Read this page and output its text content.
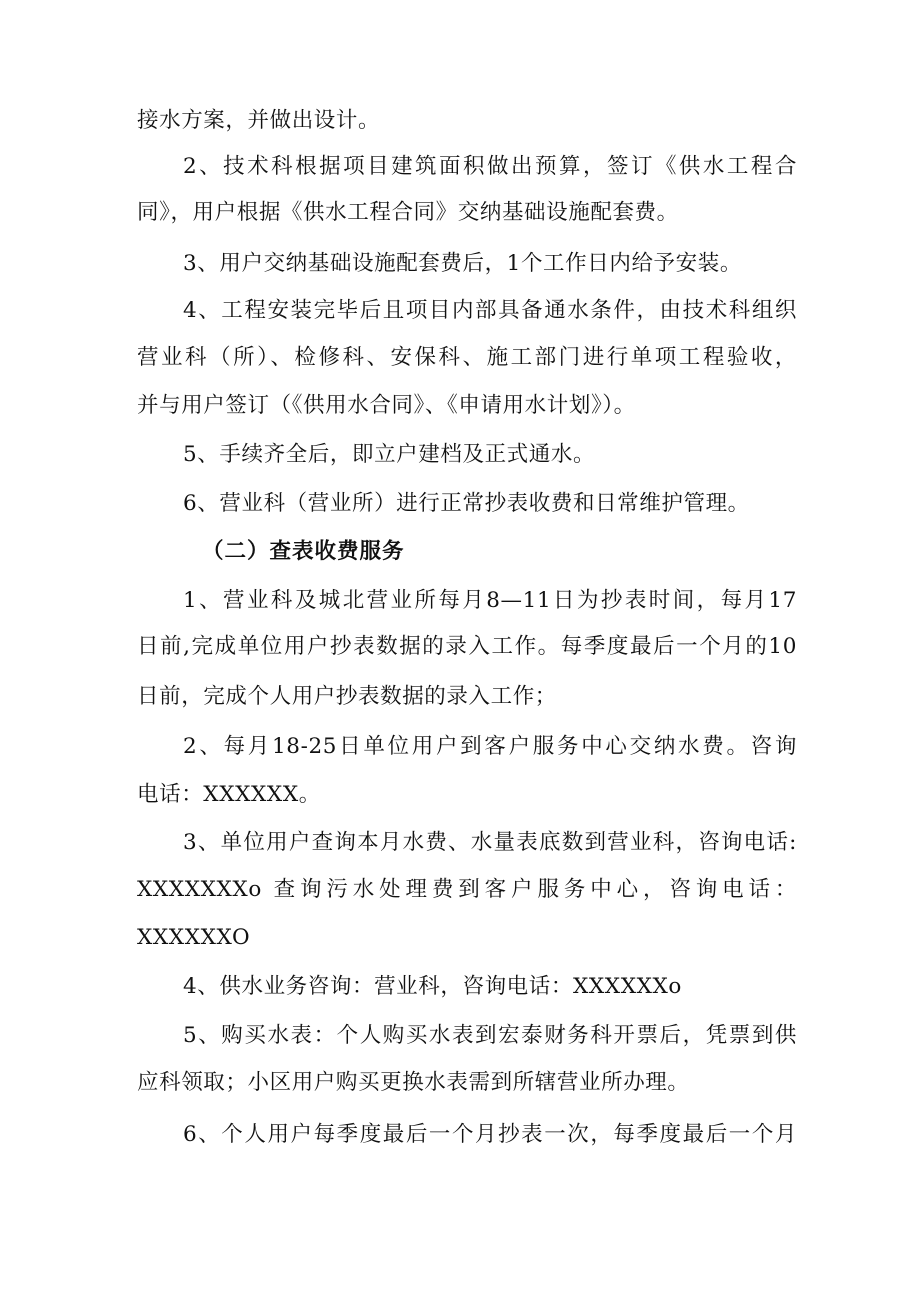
接水方案，并做出设计。
2、技术科根据项目建筑面积做出预算，签订《供水工程合
同》，用户根据《供水工程合同》交纳基础设施配套费。
3、用户交纳基础设施配套费后，1个工作日内给予安装。
4、工程安装完毕后且项目内部具备通水条件，由技术科组织
营业科（所）、检修科、安保科、施工部门进行单项工程验收，
并与用户签订（《供用水合同》、《申请用水计划》）。
5、手续齐全后，即立户建档及正式通水。
6、营业科（营业所）进行正常抄表收费和日常维护管理。
（二）查表收费服务
1、营业科及城北营业所每月8—11日为抄表时间，每月17
日前,完成单位用户抄表数据的录入工作。每季度最后一个月的10
日前，完成个人用户抄表数据的录入工作；
2、每月18-25日单位用户到客户服务中心交纳水费。咨询
电话：XXXXXX。
3、单位用户查询本月水费、水量表底数到营业科，咨询电话:
XXXXXXXo 查询污水处理费到客户服务中心，咨询电话：
XXXXXXO
4、供水业务咨询：营业科，咨询电话：XXXXXXo
5、购买水表：个人购买水表到宏泰财务科开票后，凭票到供
应科领取；小区用户购买更换水表需到所辖营业所办理。
6、个人用户每季度最后一个月抄表一次，每季度最后一个月
